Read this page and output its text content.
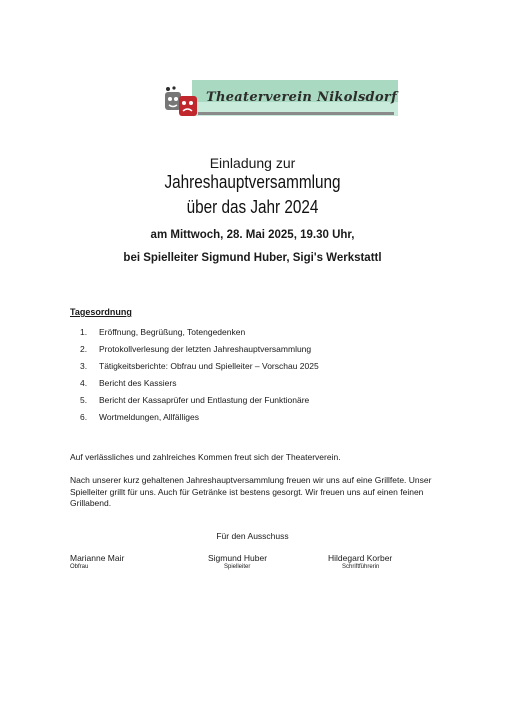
Theaterverein Nikolsdorf
Einladung zur
Jahreshauptversammlung
über das Jahr 2024
am Mittwoch, 28. Mai 2025, 19.30 Uhr,
bei Spielleiter Sigmund Huber, Sigi's Werkstattl
Tagesordnung
1. Eröffnung, Begrüßung, Totengedenken
2. Protokollverlesung der letzten Jahreshauptversammlung
3. Tätigkeitsberichte: Obfrau und Spielleiter – Vorschau 2025
4. Bericht des Kassiers
5. Bericht der Kassaprüfer und Entlastung der Funktionäre
6. Wortmeldungen, Allfälliges
Auf verlässliches und zahlreiches Kommen freut sich der Theaterverein.
Nach unserer kurz gehaltenen Jahreshauptversammlung freuen wir uns auf eine Grillfete. Unser Spielleiter grillt für uns. Auch für Getränke ist bestens gesorgt. Wir freuen uns auf einen feinen Grillabend.
Für den Ausschuss
Marianne Mair
Obfrau
Sigmund Huber
Spielleiter
Hildegard Korber
Schriftführerin
